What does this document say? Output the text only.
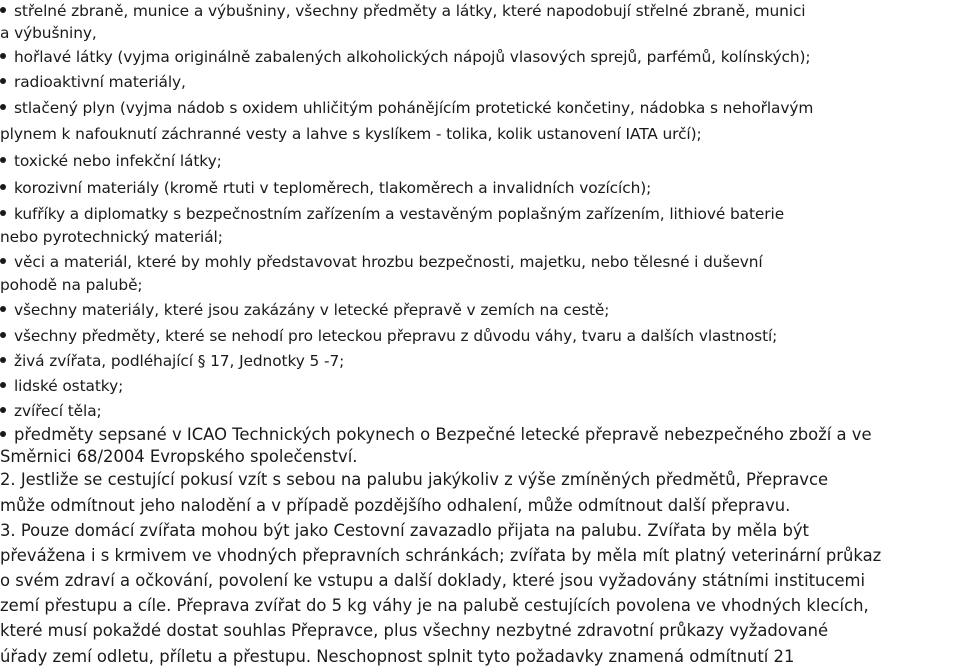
střelné zbraně, munice a výbušniny, všechny předměty a látky, které napodobují střelné zbraně, munici
a výbušniny,
hořlavé látky (vyjma originálně zabalených alkoholických nápojů vlasových sprejů, parfémů, kolínských);
radioaktivní materiály,
stlačený plyn (vyjma nádob s oxidem uhličitým pohánějícím protetické končetiny, nádobka s nehořlavým
plynem k nafouknutí záchranné vesty a lahve s kyslíkem - tolika, kolik ustanovení IATA určí);
toxické nebo infekční látky;
korozivní materiály (kromě rtuti v teploměrech, tlakoměrech a invalidních vozících);
kufříky a diplomatky s bezpečnostním zařízením a vestavěným poplašným zařízením, lithiové baterie
nebo pyrotechnický materiál;
věci a materiál, které by mohly představovat hrozbu bezpečnosti, majetku, nebo tělesné i duševní
pohodě na palubě;
všechny materiály, které jsou zakázány v letecké přepravě v zemích na cestě;
všechny předměty, které se nehodí pro leteckou přepravu z důvodu váhy, tvaru a dalších vlastností;
živá zvířata, podléhající § 17, Jednotky 5 -7;
lidské ostatky;
zvířecí těla;
předměty sepsané v ICAO Technických pokynech o Bezpečné letecké přepravě nebezpečného zboží a ve
Směrnici 68/2004 Evropského společenství.
2. Jestliže se cestující pokusí vzít s sebou na palubu jakýkoliv z výše zmíněných předmětů, Přepravce
může odmítnout jeho nalodění a v případě pozdějšího odhalení, může odmítnout další přepravu.
3. Pouze domácí zvířata mohou být jako Cestovní zavazadlo přijata na palubu. Zvířata by měla být
převážena i s krmivem ve vhodných přepravních schránkách; zvířata by měla mít platný veterinární průkaz
o svém zdraví a očkování, povolení ke vstupu a další doklady, které jsou vyžadovány státními institucemi
zemí přestupu a cíle. Přeprava zvířat do 5 kg váhy je na palubě cestujících povolena ve vhodných klecích,
které musí pokaždé dostat souhlas Přepravce, plus všechny nezbytné zdravotní průkazy vyžadované
úřady zemí odletu, příletu a přestupu. Neschopnost splnit tyto požadavky znamená odmítnutí 21
